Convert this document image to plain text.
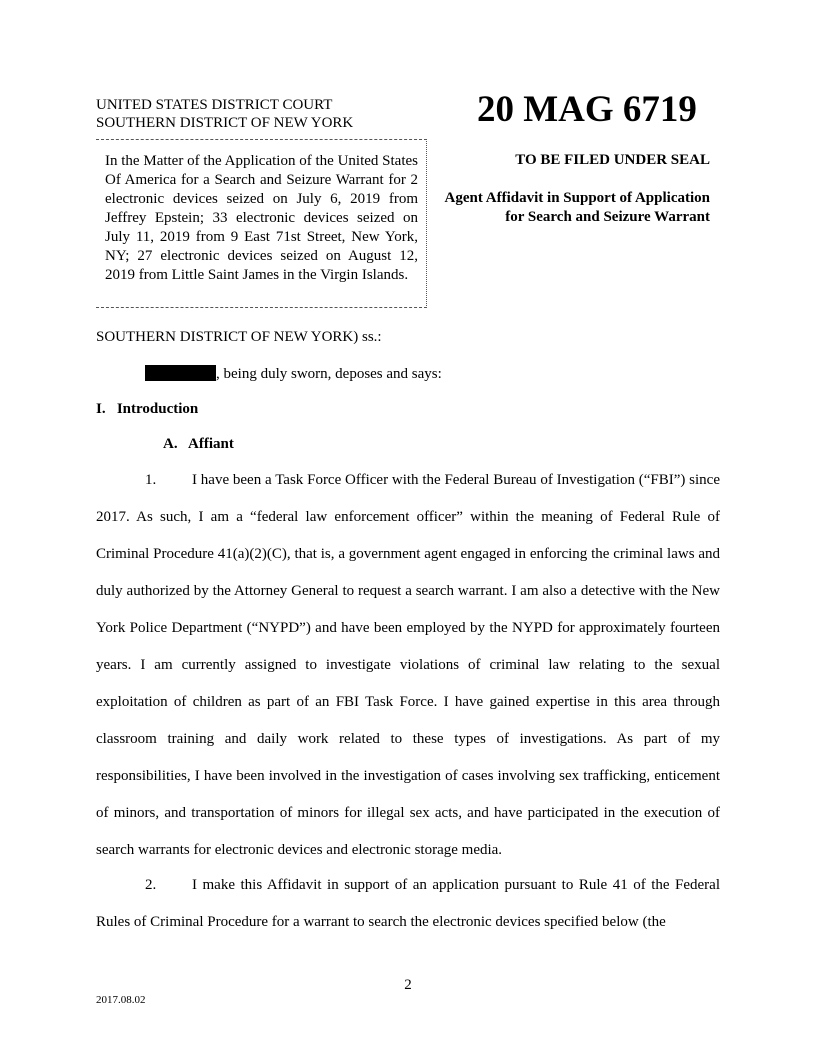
UNITED STATES DISTRICT COURT
SOUTHERN DISTRICT OF NEW YORK	20 MAG 6719
In the Matter of the Application of the United States Of America for a Search and Seizure Warrant for 2 electronic devices seized on July 6, 2019 from Jeffrey Epstein; 33 electronic devices seized on July 11, 2019 from 9 East 71st Street, New York, NY; 27 electronic devices seized on August 12, 2019 from Little Saint James in the Virgin Islands.
TO BE FILED UNDER SEAL
Agent Affidavit in Support of Application for Search and Seizure Warrant
SOUTHERN DISTRICT OF NEW YORK) ss.:
, being duly sworn, deposes and says:
I.   Introduction
A.   Affiant
1. I have been a Task Force Officer with the Federal Bureau of Investigation (“FBI”) since 2017. As such, I am a “federal law enforcement officer” within the meaning of Federal Rule of Criminal Procedure 41(a)(2)(C), that is, a government agent engaged in enforcing the criminal laws and duly authorized by the Attorney General to request a search warrant. I am also a detective with the New York Police Department (“NYPD”) and have been employed by the NYPD for approximately fourteen years. I am currently assigned to investigate violations of criminal law relating to the sexual exploitation of children as part of an FBI Task Force. I have gained expertise in this area through classroom training and daily work related to these types of investigations. As part of my responsibilities, I have been involved in the investigation of cases involving sex trafficking, enticement of minors, and transportation of minors for illegal sex acts, and have participated in the execution of search warrants for electronic devices and electronic storage media.
2. I make this Affidavit in support of an application pursuant to Rule 41 of the Federal Rules of Criminal Procedure for a warrant to search the electronic devices specified below (the
2
2017.08.02
